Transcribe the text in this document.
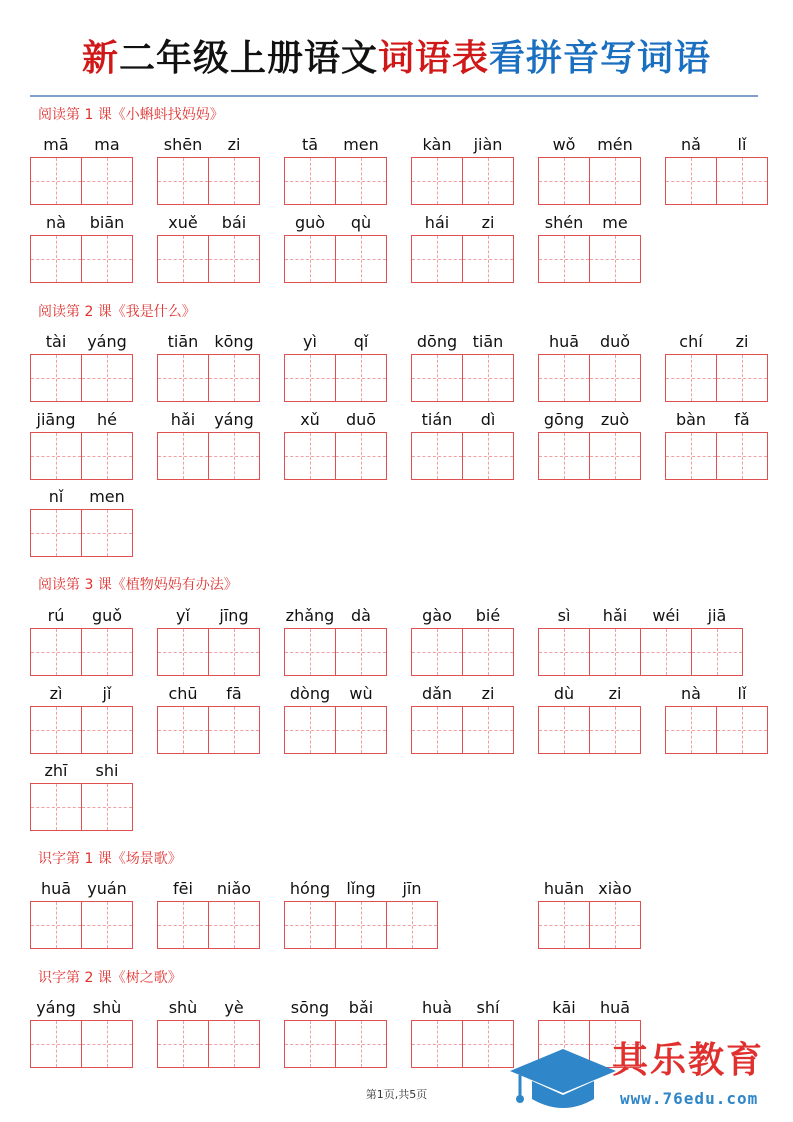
新二年级上册语文词语表看拼音写词语
阅读第 1 课《小蝌蚪找妈妈》
mā	ma	shēn	zi	tā	men	kàn	jiàn	wǒ	mén	nǎ	lǐ
nà	biān	xuě	bái	guò	qù	hái	zi	shén	me
阅读第 2 课《我是什么》
tài	yáng	tiān kōng	yì	qǐ	dōng tiān	huā	duǒ	chí	zi
jiāng	hé	hǎi	yáng	xǔ	duō	tián	dì	gōng	zuò	bàn	fǎ
nǐ	men
阅读第 3 课《植物妈妈有办法》
rú	guǒ	yǐ	jīng	zhǎng	dà	gào	bié	sì	hǎi	wéi	jiā
zì	jǐ	chū	fā	dòng	wù	dǎn	zi	dù	zi	nà	lǐ
zhī	shi
识字第 1 课《场景歌》
huā	yuán	fēi	niǎo	hóng	lǐng	jīn	huān xiào
识字第 2 课《树之歌》
yáng	shù	shù	yè	sōng	bǎi	huà	shí	kāi	huā
第1页,共5页
其乐教育
www.76edu.com
